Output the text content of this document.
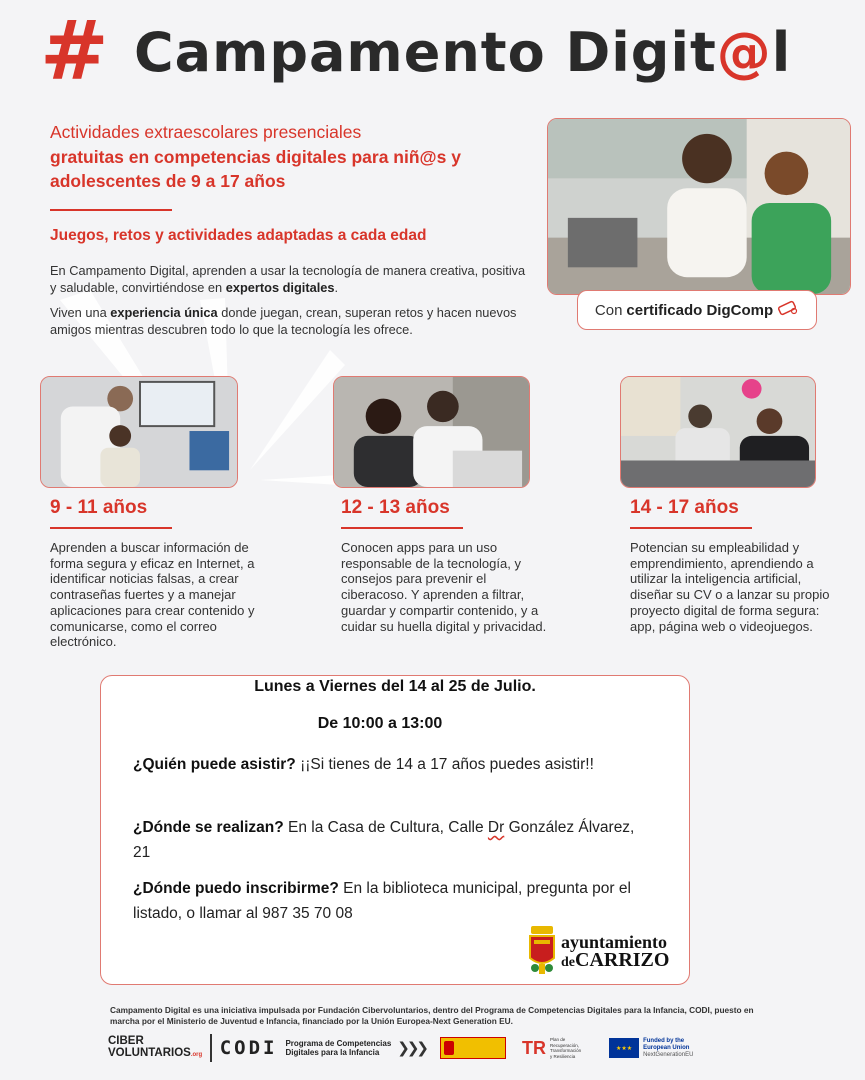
# Campamento Digit@l
Actividades extraescolares presenciales
gratuitas en competencias digitales para niñ@s y adolescentes de 9 a 17 años
Juegos, retos y actividades adaptadas a cada edad
En Campamento Digital, aprenden a usar la tecnología de manera creativa, positiva y saludable, convirtiéndose en expertos digitales.
Viven una experiencia única donde juegan, crean, superan retos y hacen nuevos amigos mientras descubren todo lo que la tecnología les ofrece.
Con certificado DigComp
9 - 11 años
Aprenden a buscar información de forma segura y eficaz en Internet, a identificar noticias falsas, a crear contraseñas fuertes y a manejar aplicaciones para crear contenido y comunicarse, como el correo electrónico.
12 - 13 años
Conocen apps para un uso responsable de la tecnología, y consejos para prevenir el ciberacoso. Y aprenden a filtrar, guardar y compartir contenido, y a cuidar su huella digital y privacidad.
14 - 17 años
Potencian su empleabilidad y emprendimiento, aprendiendo a utilizar la inteligencia artificial, diseñar su CV o a lanzar su propio proyecto digital de forma segura: app, página web o videojuegos.
Lunes a Viernes del 14 al 25 de Julio.
De 10:00 a 13:00
¿Quién puede asistir? ¡¡Si tienes de 14 a 17 años puedes asistir!!
¿Dónde se realizan? En la Casa de Cultura, Calle Dr González Álvarez, 21
¿Dónde puedo inscribirme? En la biblioteca municipal, pregunta por el listado, o llamar al 987 35 70 08
ayuntamiento
deCARRIZO
Campamento Digital es una iniciativa impulsada por Fundación Cibervoluntarios, dentro del Programa de Competencias Digitales para la Infancia, CODI, puesto en marcha por el Ministerio de Juventud e Infancia, financiado por la Unión Europea-Next Generation EU.
CIBER
VOLUNTARIOS.org CODI Programa de Competencias
Digitales para la Infancia	❯❯❯	TR Plan de
Recuperación,
Transformación
y Resiliencia
★★★
Funded by the
European Union
NextGenerationEU
